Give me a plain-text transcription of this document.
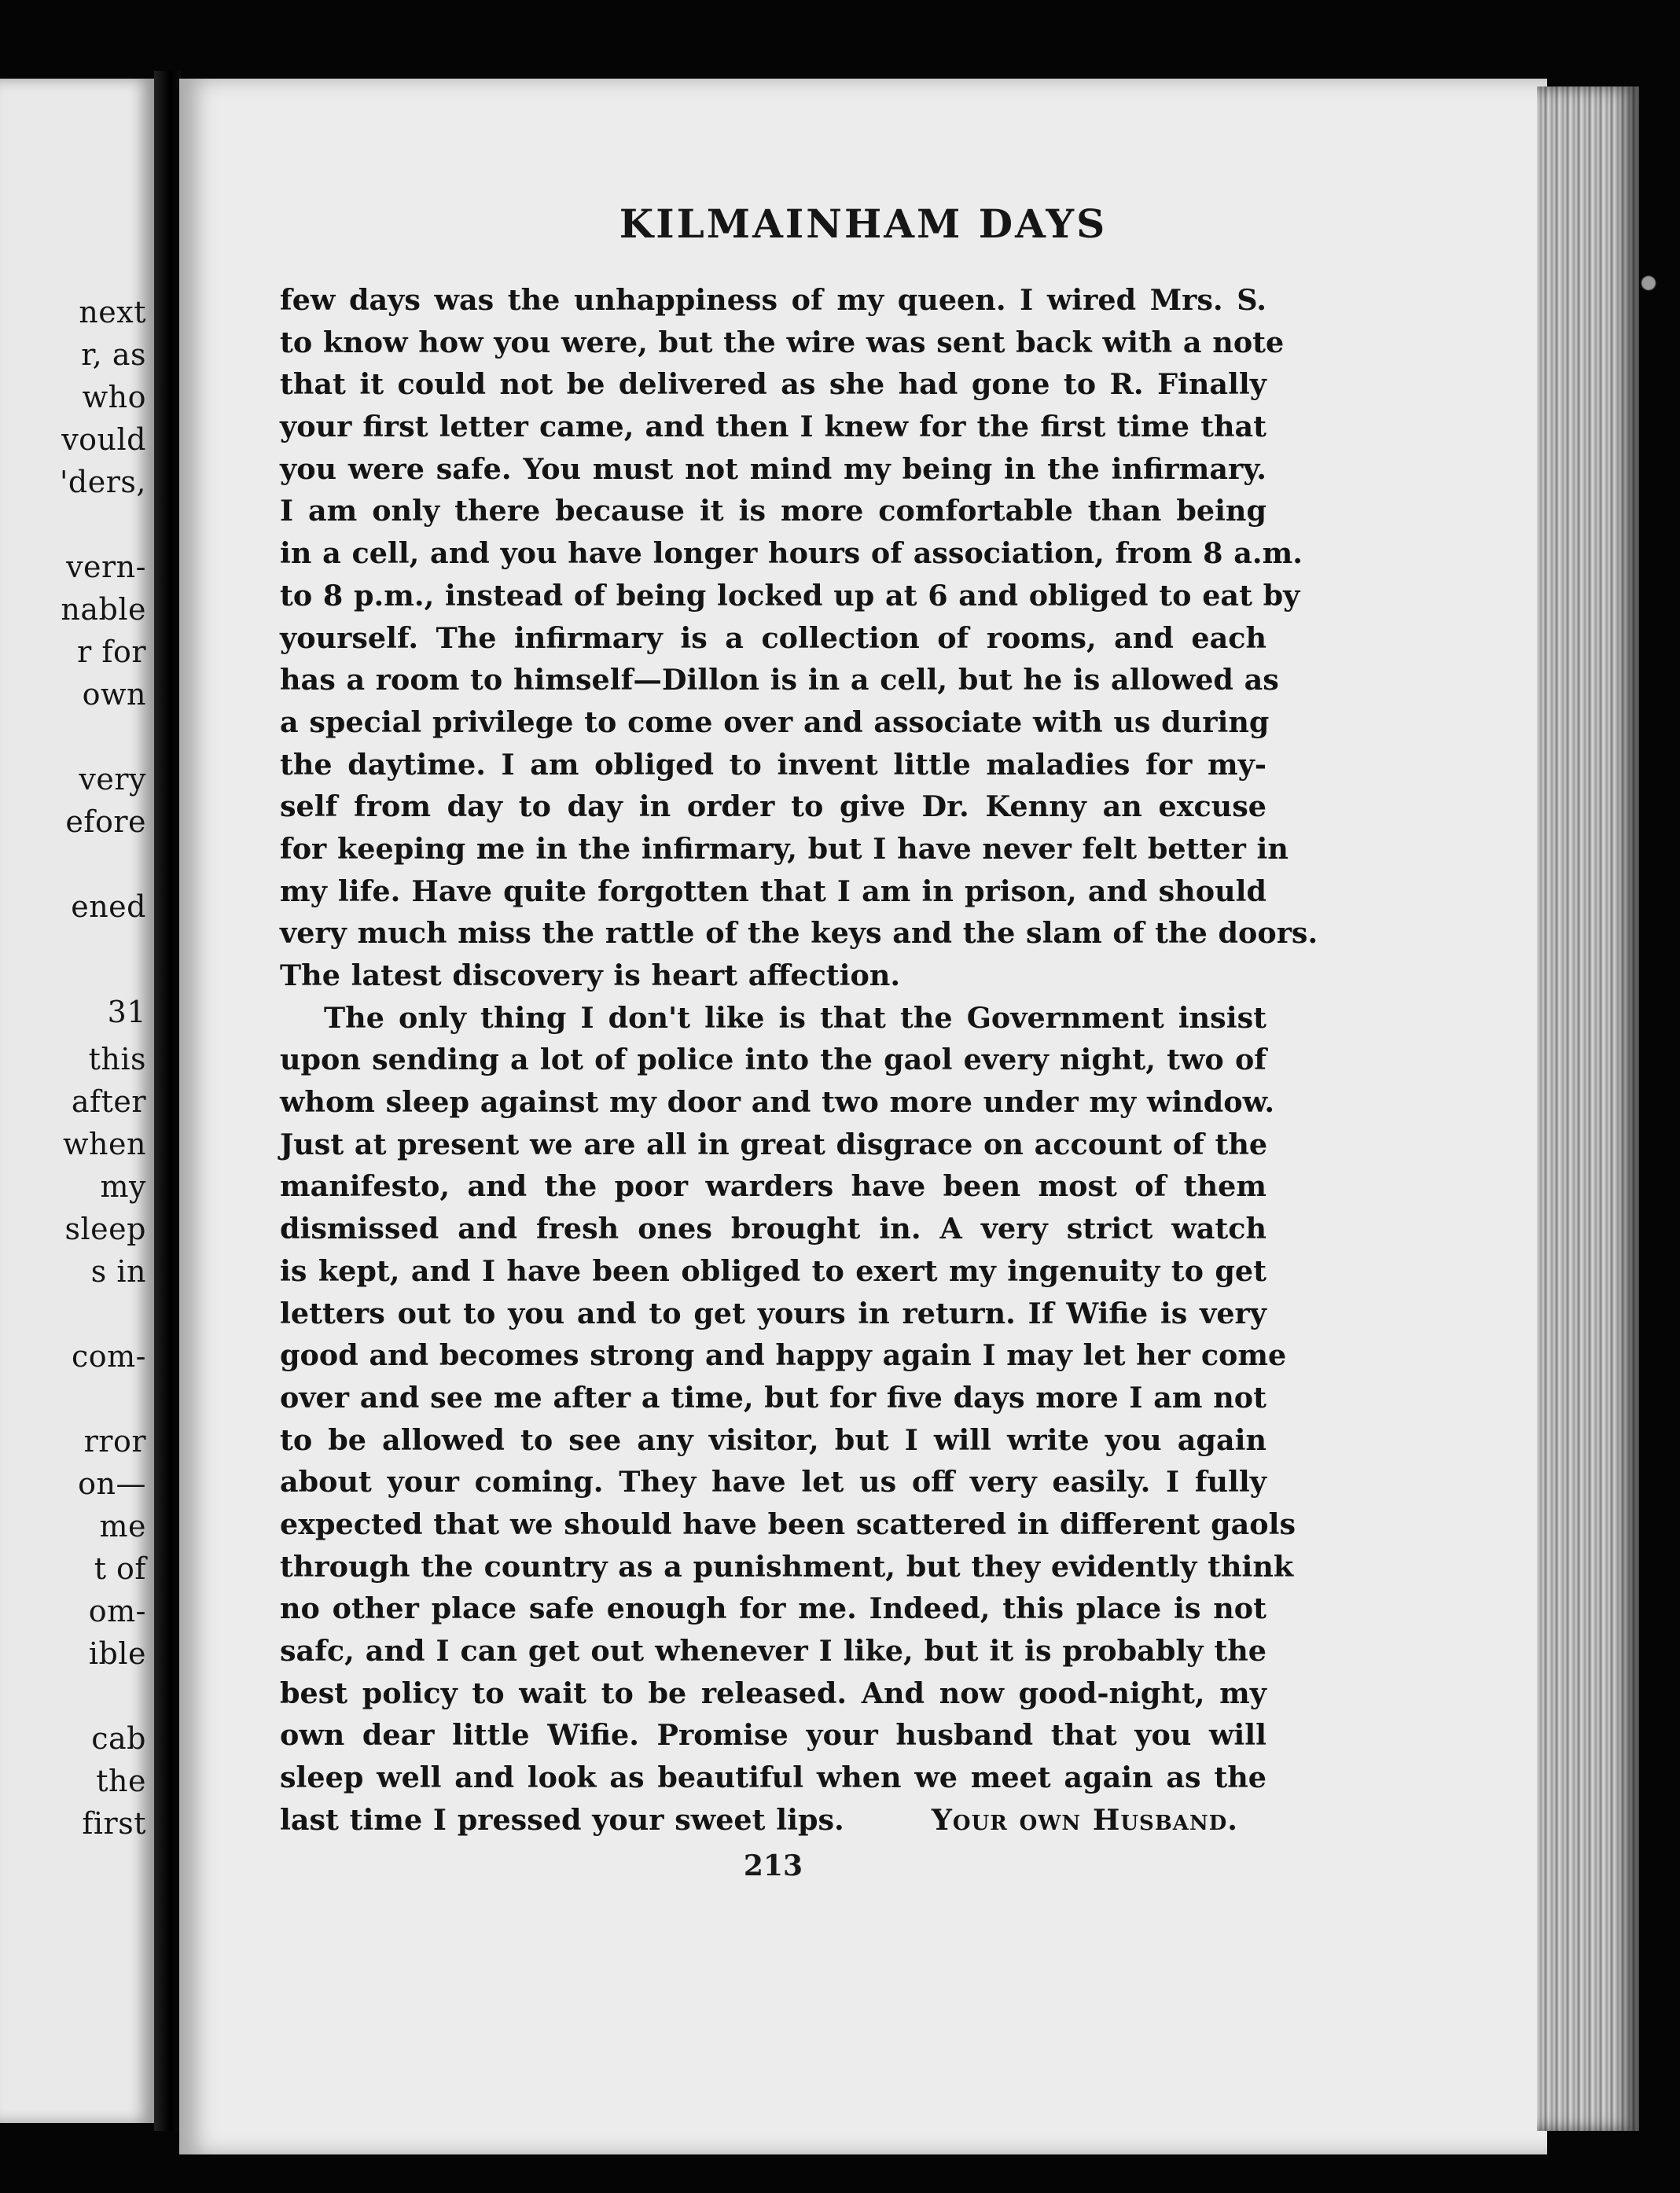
next
r, as
who
vould
'ders,
vern-
nable
r for
own
very
efore
ened
31
this
after
when
my
sleep
s in
com-
rror
on—
me
t of
om-
ible
cab
the
first
KILMAINHAM DAYS
few days was the unhappiness of my queen. I wired Mrs. S.
to know how you were, but the wire was sent back with a note
that it could not be delivered as she had gone to R. Finally
your first letter came, and then I knew for the first time that
you were safe. You must not mind my being in the infirmary.
I am only there because it is more comfortable than being
in a cell, and you have longer hours of association, from 8 a.m.
to 8 p.m., instead of being locked up at 6 and obliged to eat by
yourself. The infirmary is a collection of rooms, and each
has a room to himself—Dillon is in a cell, but he is allowed as
a special privilege to come over and associate with us during
the daytime. I am obliged to invent little maladies for my-
self from day to day in order to give Dr. Kenny an excuse
for keeping me in the infirmary, but I have never felt better in
my life. Have quite forgotten that I am in prison, and should
very much miss the rattle of the keys and the slam of the doors.
The latest discovery is heart affection.
The only thing I don't like is that the Government insist
upon sending a lot of police into the gaol every night, two of
whom sleep against my door and two more under my window.
Just at present we are all in great disgrace on account of the
manifesto, and the poor warders have been most of them
dismissed and fresh ones brought in. A very strict watch
is kept, and I have been obliged to exert my ingenuity to get
letters out to you and to get yours in return. If Wifie is very
good and becomes strong and happy again I may let her come
over and see me after a time, but for five days more I am not
to be allowed to see any visitor, but I will write you again
about your coming. They have let us off very easily. I fully
expected that we should have been scattered in different gaols
through the country as a punishment, but they evidently think
no other place safe enough for me. Indeed, this place is not
safc, and I can get out whenever I like, but it is probably the
best policy to wait to be released. And now good-night, my
own dear little Wifie. Promise your husband that you will
sleep well and look as beautiful when we meet again as the
last time I pressed your sweet lips.	Your own Husband.
213
